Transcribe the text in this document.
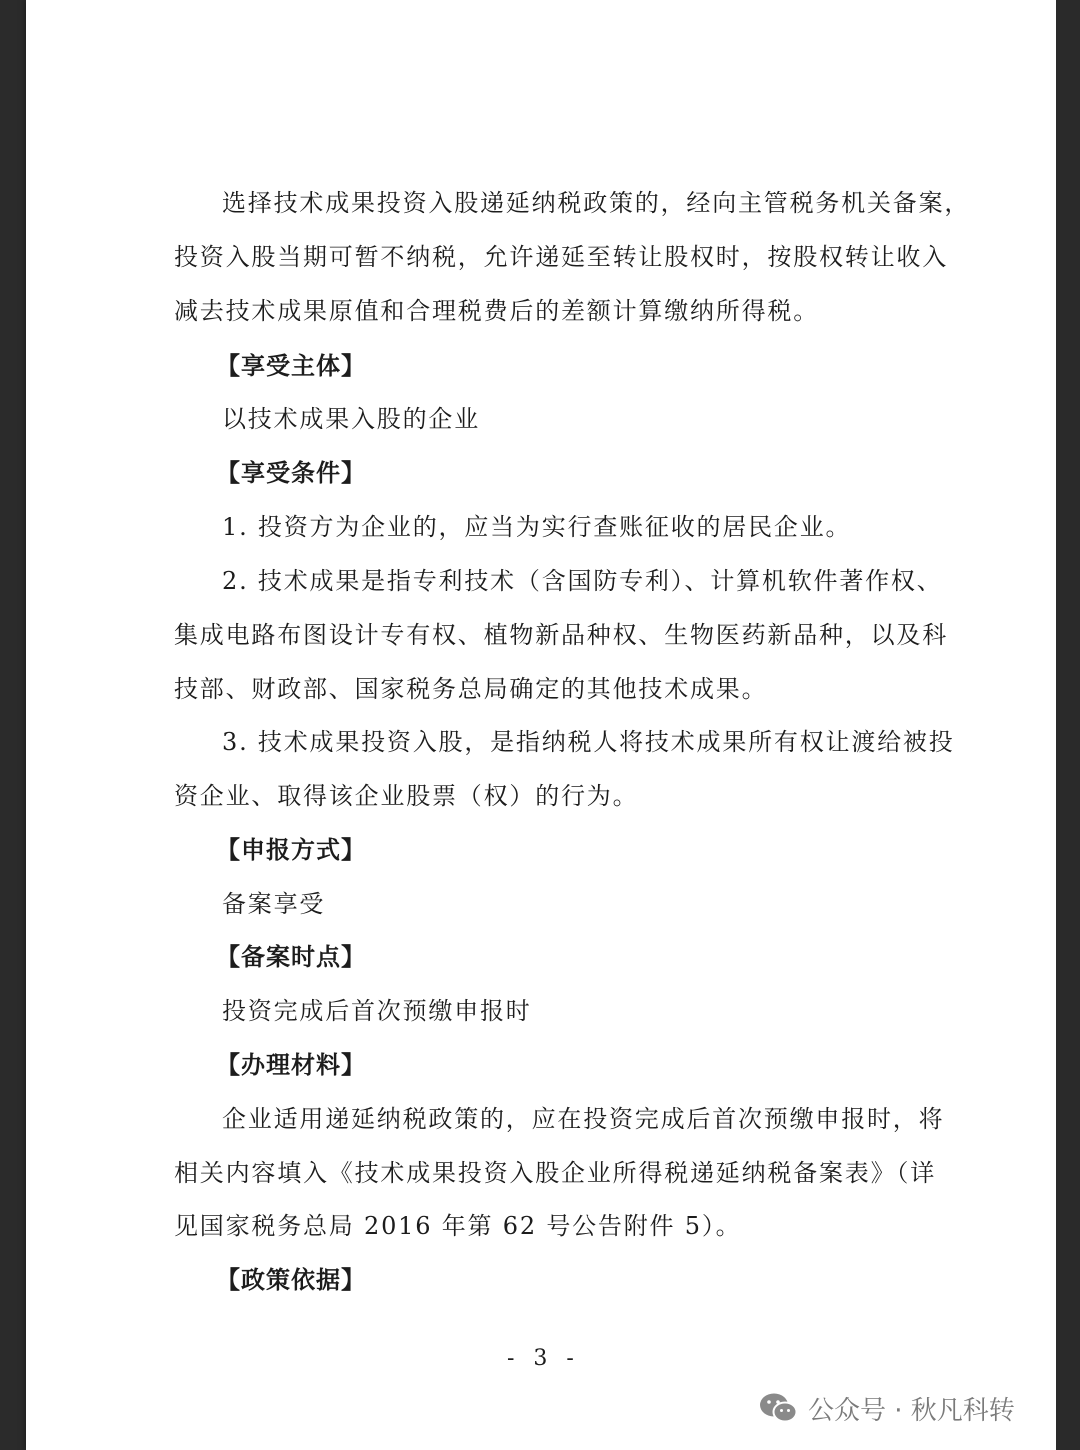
选择技术成果投资入股递延纳税政策的，经向主管税务机关备案，
投资入股当期可暂不纳税，允许递延至转让股权时，按股权转让收入
减去技术成果原值和合理税费后的差额计算缴纳所得税。
【享受主体】
以技术成果入股的企业
【享受条件】
1. 投资方为企业的，应当为实行查账征收的居民企业。
2. 技术成果是指专利技术（含国防专利）、计算机软件著作权、
集成电路布图设计专有权、植物新品种权、生物医药新品种，以及科
技部、财政部、国家税务总局确定的其他技术成果。
3. 技术成果投资入股，是指纳税人将技术成果所有权让渡给被投
资企业、取得该企业股票（权）的行为。
【申报方式】
备案享受
【备案时点】
投资完成后首次预缴申报时
【办理材料】
企业适用递延纳税政策的，应在投资完成后首次预缴申报时，将
相关内容填入《技术成果投资入股企业所得税递延纳税备案表》（详
见国家税务总局 2016 年第 62 号公告附件 5）。
【政策依据】
- 3 -
公众号 · 秋凡科转
